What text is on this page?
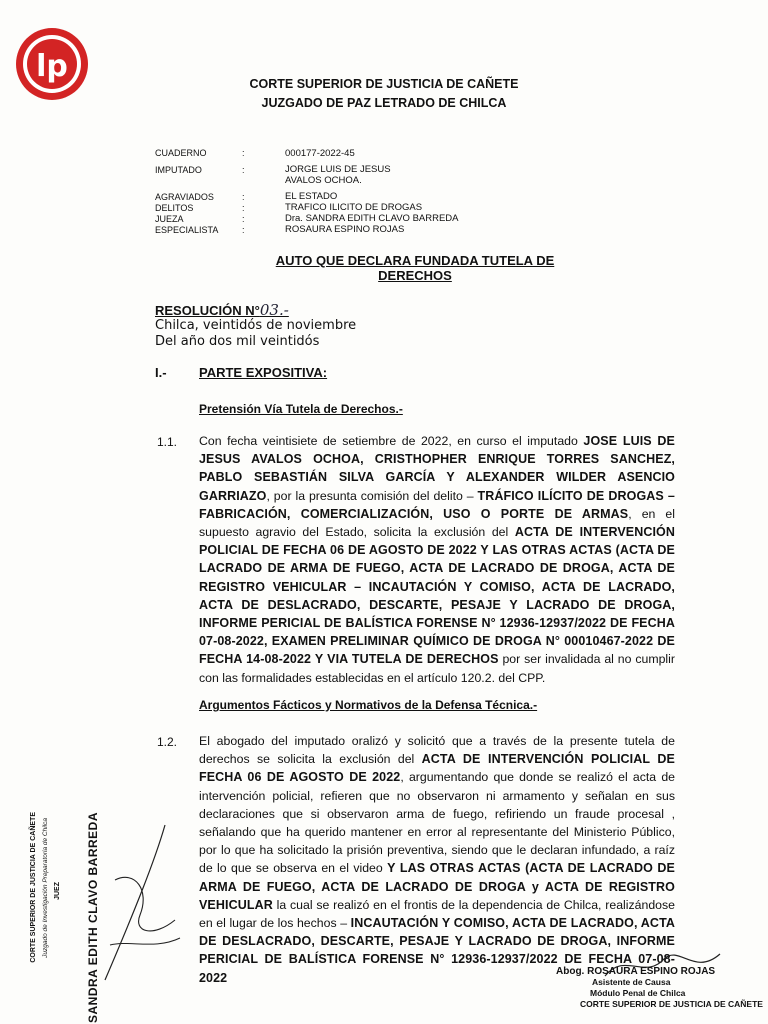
lp	CORTE SUPERIOR DE JUSTICIA DE CAÑETE
JUZGADO DE PAZ LETRADO DE CHILCA
CUADERNO	:	000177-2022-45
IMPUTADO	:	JORGE LUIS DE JESUS
AVALOS OCHOA.
AGRAVIADOS	:	EL ESTADO
DELITOS	:	TRAFICO ILICITO DE DROGAS
JUEZA	:	Dra. SANDRA EDITH CLAVO BARREDA
ESPECIALISTA	:	ROSAURA ESPINO ROJAS
AUTO QUE DECLARA FUNDADA TUTELA DE
DERECHOS
RESOLUCIÓN N°03.-
Chilca, veintidós de noviembre
Del año dos mil veintidós
I.- PARTE EXPOSITIVA:
Pretensión Vía Tutela de Derechos.-
1.1. Con fecha veintisiete de setiembre de 2022, en curso el imputado JOSE LUIS DE JESUS AVALOS OCHOA, CRISTHOPHER ENRIQUE TORRES SANCHEZ, PABLO SEBASTIÁN SILVA GARCÍA Y ALEXANDER WILDER ASENCIO GARRIAZO, por la presunta comisión del delito – TRÁFICO ILÍCITO DE DROGAS – FABRICACIÓN, COMERCIALIZACIÓN, USO O PORTE DE ARMAS, en el supuesto agravio del Estado, solicita la exclusión del ACTA DE INTERVENCIÓN POLICIAL DE FECHA 06 DE AGOSTO DE 2022 Y LAS OTRAS ACTAS (ACTA DE LACRADO DE ARMA DE FUEGO, ACTA DE LACRADO DE DROGA, ACTA DE REGISTRO VEHICULAR – INCAUTACIÓN Y COMISO, ACTA DE LACRADO, ACTA DE DESLACRADO, DESCARTE, PESAJE Y LACRADO DE DROGA, INFORME PERICIAL DE BALÍSTICA FORENSE N° 12936-12937/2022 DE FECHA 07-08-2022, EXAMEN PRELIMINAR QUÍMICO DE DROGA N° 00010467-2022 DE FECHA 14-08-2022 Y VIA TUTELA DE DERECHOS por ser invalidada al no cumplir con las formalidades establecidas en el artículo 120.2. del CPP.
Argumentos Fácticos y Normativos de la Defensa Técnica.-
1.2. El abogado del imputado oralizó y solicitó que a través de la presente tutela de derechos se solicita la exclusión del ACTA DE INTERVENCIÓN POLICIAL DE FECHA 06 DE AGOSTO DE 2022, argumentando que donde se realizó el acta de intervención policial, refieren que no observaron ni armamento y señalan en sus declaraciones que si observaron arma de fuego, refiriendo un fraude procesal , señalando que ha querido mantener en error al representante del Ministerio Público, por lo que ha solicitado la prisión preventiva, siendo que le declaran infundado, a raíz de lo que se observa en el video Y LAS OTRAS ACTAS (ACTA DE LACRADO DE ARMA DE FUEGO, ACTA DE LACRADO DE DROGA y ACTA DE REGISTRO VEHICULAR la cual se realizó en el frontis de la dependencia de Chilca, realizándose en el lugar de los hechos – INCAUTACIÓN Y COMISO, ACTA DE LACRADO, ACTA DE DESLACRADO, DESCARTE, PESAJE Y LACRADO DE DROGA, INFORME PERICIAL DE BALÍSTICA FORENSE N° 12936-12937/2022 DE FECHA 07-08-2022
CORTE SUPERIOR DE JUSTICIA DE CAÑETE Juzgado de Investigación Preparatoria de Chilca JUEZ SANDRA EDITH CLAVO BARREDA	Abog. ROSAURA ESPINO ROJAS
Asistente de Causa
Módulo Penal de Chilca
CORTE SUPERIOR DE JUSTICIA DE CAÑETE
